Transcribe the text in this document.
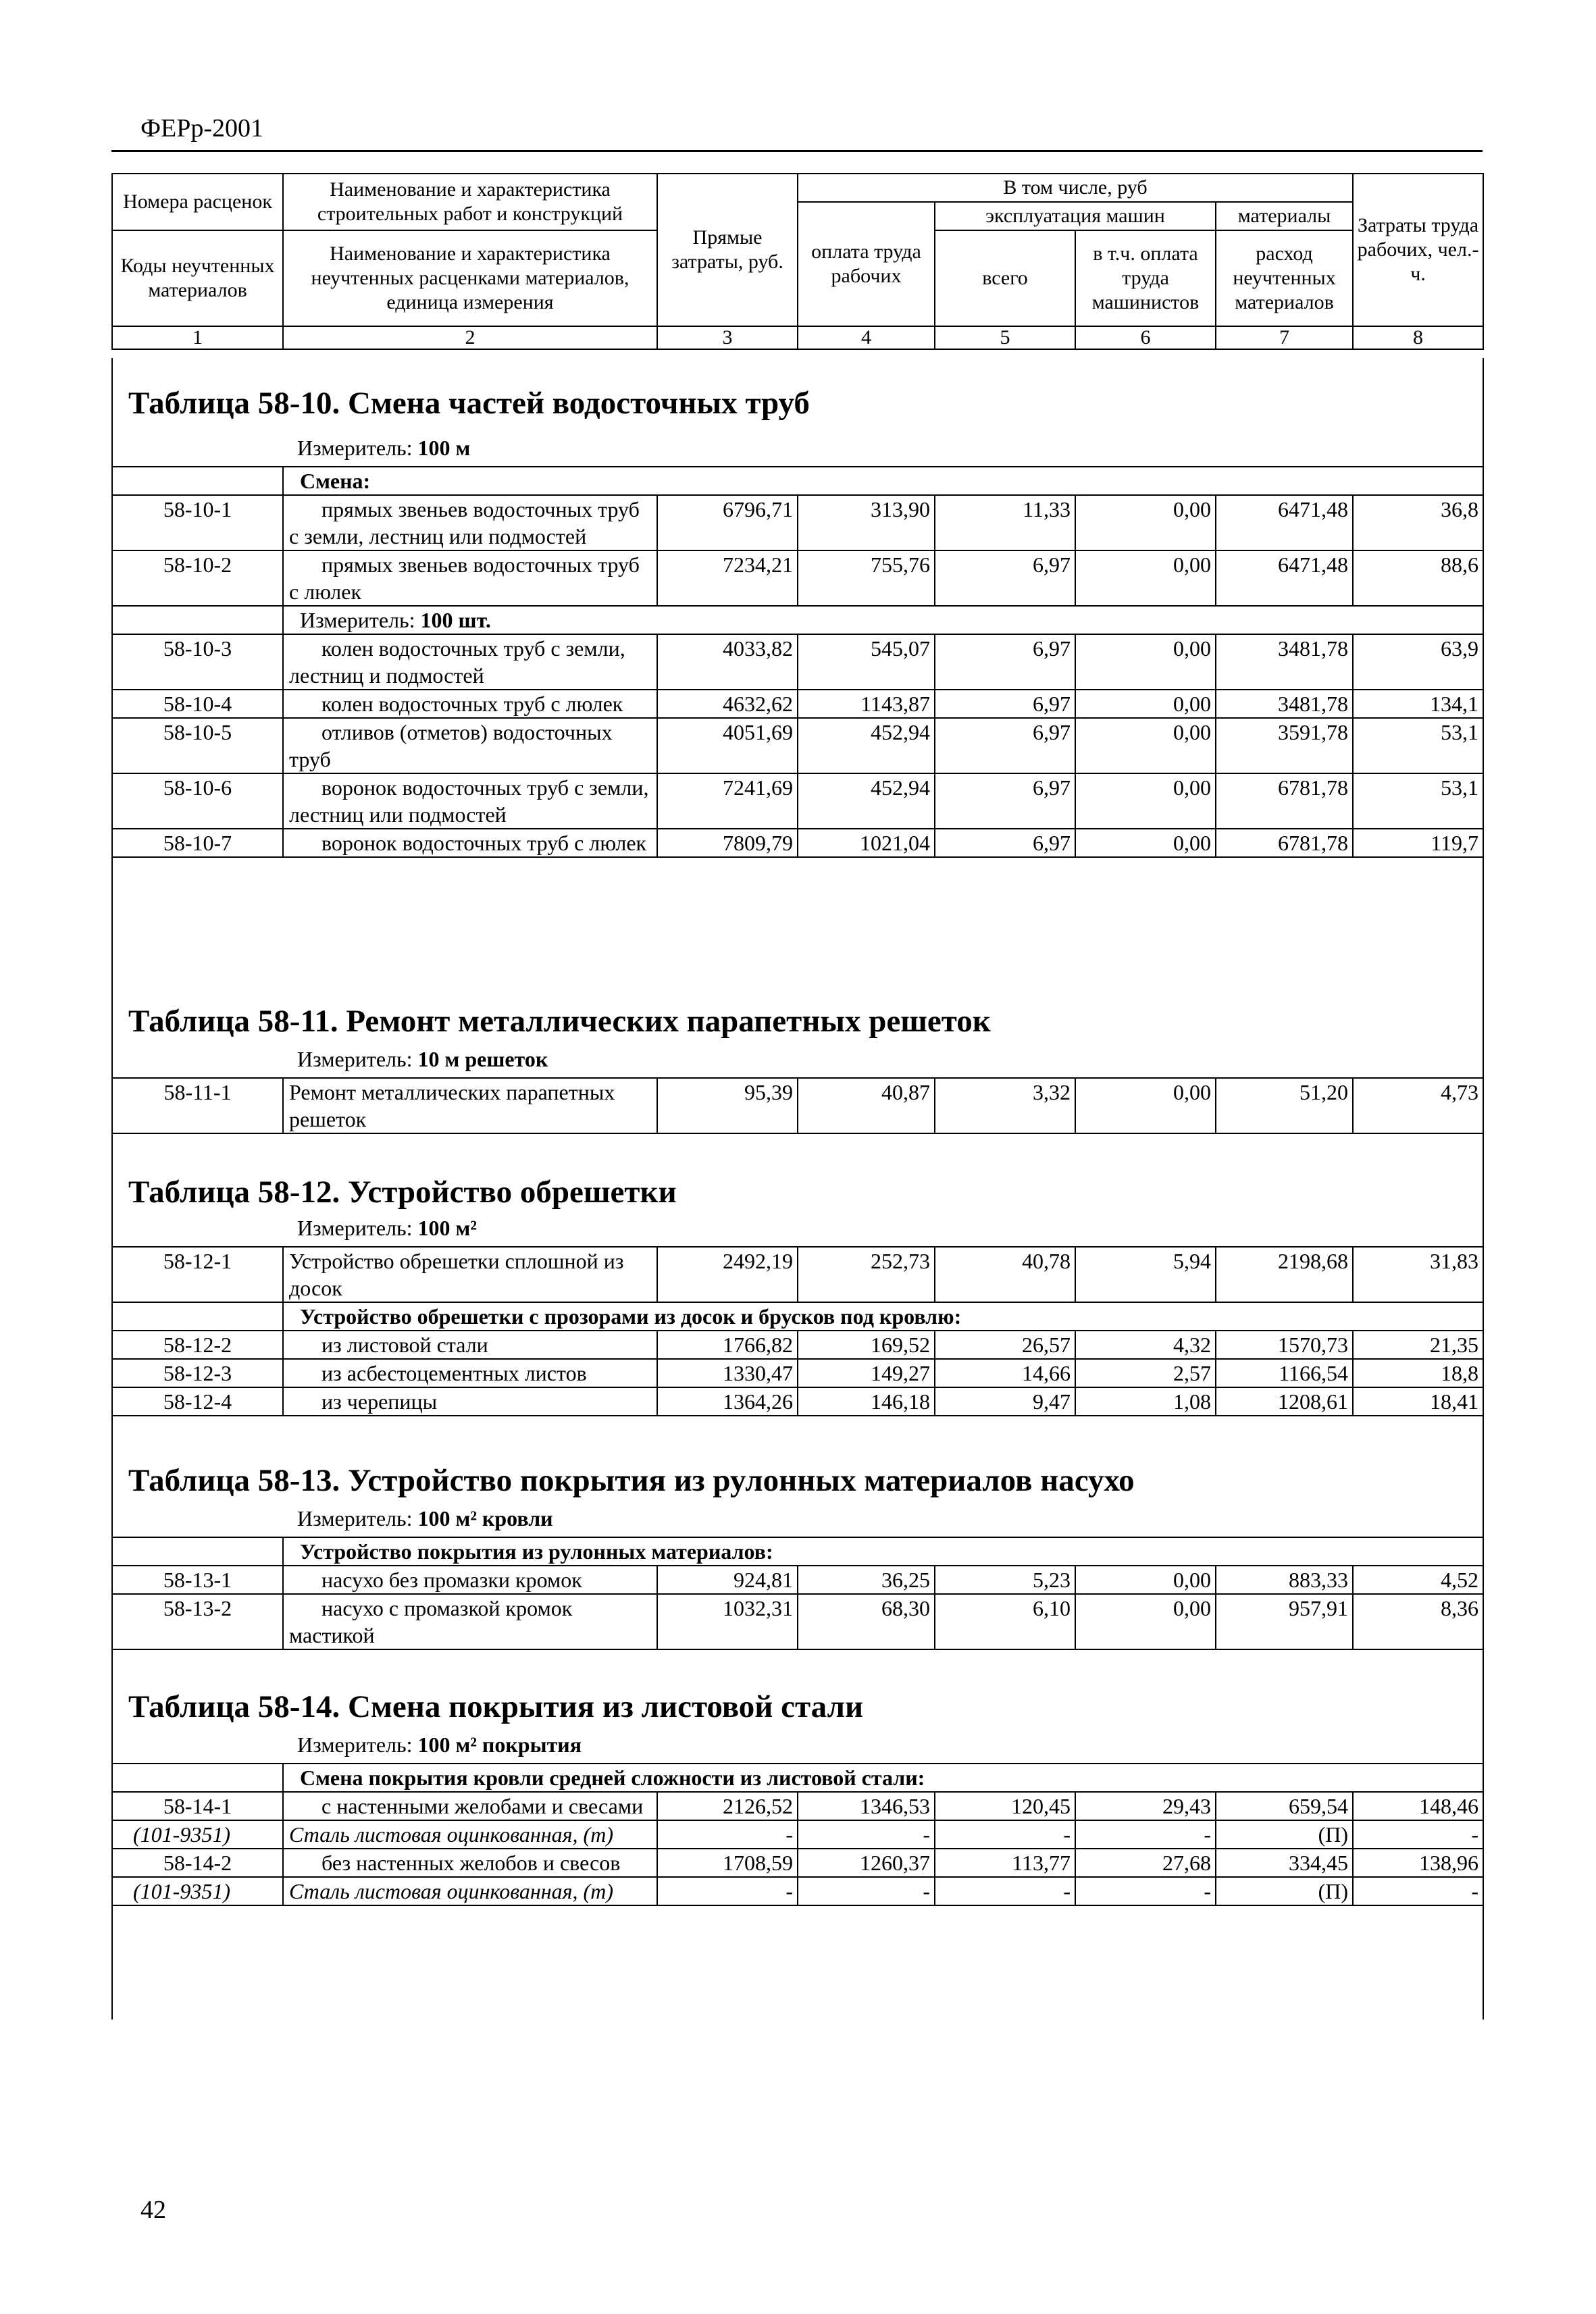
ФЕРр-2001
Номера расценок	Наименование и характеристика строительных работ и конструкций	Прямые затраты, руб.	В том числе, руб				Затраты труда рабочих, чел.-ч.
			оплата труда рабочих	эксплуатация машин		материалы	
Коды неучтенных материалов	Наименование и характеристика неучтенных расценками материалов, единица измерения			всего	в т.ч. оплата труда машинистов	расход неучтенных материалов	

1	2	3	4	5	6	7	8
Таблица 58-10. Смена частей водосточных труб
Измеритель: 100 м
	Смена:						
58-10-1	прямых звеньев водосточных труб с земли, лестниц или подмостей	6796,71	313,90	11,33	0,00	6471,48	36,8
58-10-2	прямых звеньев водосточных труб с люлек	7234,21	755,76	6,97	0,00	6471,48	88,6
	Измеритель: 100 шт.						
58-10-3	колен водосточных труб с земли, лестниц и подмостей	4033,82	545,07	6,97	0,00	3481,78	63,9
58-10-4	колен водосточных труб с люлек	4632,62	1143,87	6,97	0,00	3481,78	134,1
58-10-5	отливов (отметов) водосточных труб	4051,69	452,94	6,97	0,00	3591,78	53,1
58-10-6	воронок водосточных труб с земли, лестниц или подмостей	7241,69	452,94	6,97	0,00	6781,78	53,1
58-10-7	воронок водосточных труб с люлек	7809,79	1021,04	6,97	0,00	6781,78	119,7
Таблица 58-11. Ремонт металлических парапетных решеток
Измеритель: 10 м решеток
58-11-1	Ремонт металлических парапетных решеток	95,39	40,87	3,32	0,00	51,20	4,73
Таблица 58-12. Устройство обрешетки
Измеритель: 100 м²
58-12-1	Устройство обрешетки сплошной из досок	2492,19	252,73	40,78	5,94	2198,68	31,83
	Устройство обрешетки с прозорами из досок и брусков под кровлю:						
58-12-2	из листовой стали	1766,82	169,52	26,57	4,32	1570,73	21,35
58-12-3	из асбестоцементных листов	1330,47	149,27	14,66	2,57	1166,54	18,8
58-12-4	из черепицы	1364,26	146,18	9,47	1,08	1208,61	18,41
Таблица 58-13. Устройство покрытия из рулонных материалов насухо
Измеритель: 100 м² кровли
	Устройство покрытия из рулонных материалов:						
58-13-1	насухо без промазки кромок	924,81	36,25	5,23	0,00	883,33	4,52
58-13-2	насухо с промазкой кромок мастикой	1032,31	68,30	6,10	0,00	957,91	8,36
Таблица 58-14. Смена покрытия из листовой стали
Измеритель: 100 м² покрытия
	Смена покрытия кровли средней сложности из листовой стали:						
58-14-1	с настенными желобами и свесами	2126,52	1346,53	120,45	29,43	659,54	148,46
(101-9351)	Сталь листовая оцинкованная, (т)	-	-	-	-	(П)	-
58-14-2	без настенных желобов и свесов	1708,59	1260,37	113,77	27,68	334,45	138,96
(101-9351)	Сталь листовая оцинкованная, (т)	-	-	-	-	(П)	-
42
